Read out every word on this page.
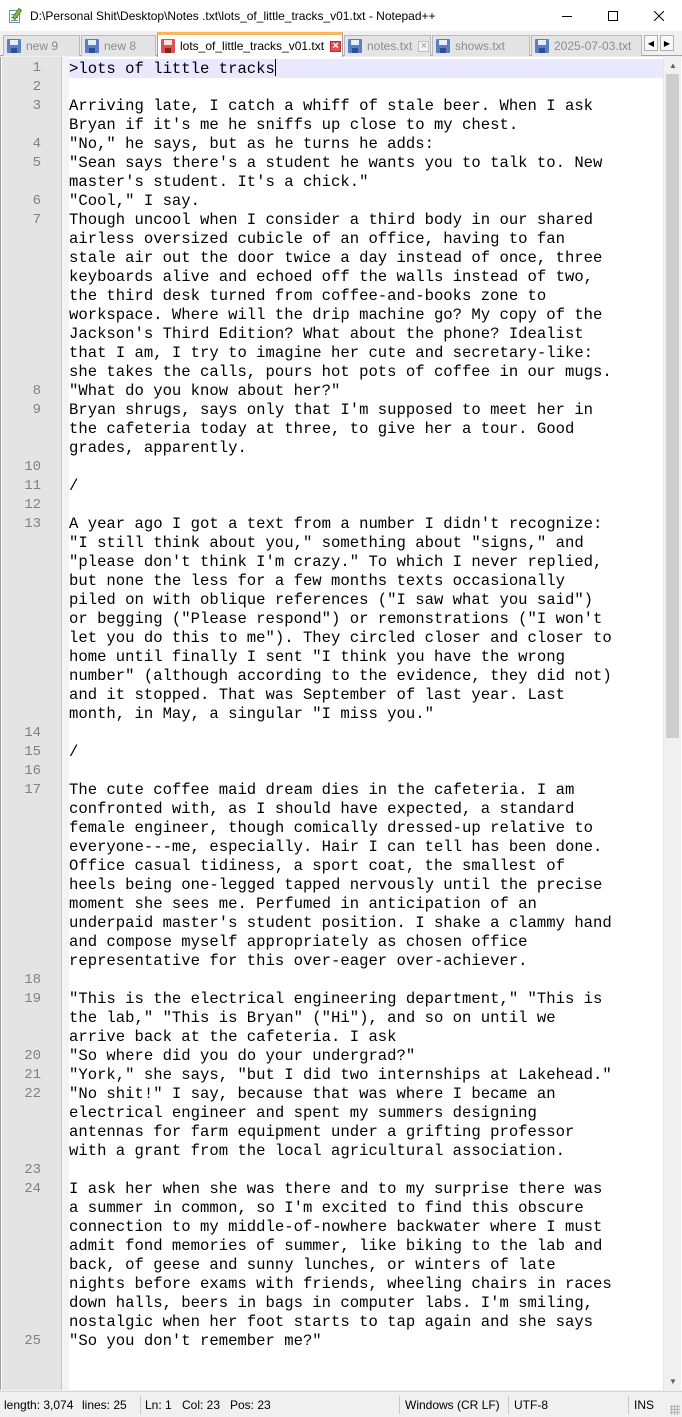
D:\Personal Shit\Desktop\Notes .txt\lots_of_little_tracks_v01.txt - Notepad++
new 9	new 8	lots_of_little_tracks_v01.txt × notes.txt × shows.txt	2025-07-03.txt ◀ ▶
1 >lots of little tracks
2
3 Arriving late, I catch a whiff of stale beer. When I ask
Bryan if it's me he sniffs up close to my chest.
4 "No," he says, but as he turns he adds:
5 "Sean says there's a student he wants you to talk to. New
master's student. It's a chick."
6 "Cool," I say.
7 Though uncool when I consider a third body in our shared
airless oversized cubicle of an office, having to fan
stale air out the door twice a day instead of once, three
keyboards alive and echoed off the walls instead of two,
the third desk turned from coffee-and-books zone to
workspace. Where will the drip machine go? My copy of the
Jackson's Third Edition? What about the phone? Idealist
that I am, I try to imagine her cute and secretary-like:
she takes the calls, pours hot pots of coffee in our mugs.
8 "What do you know about her?"
9 Bryan shrugs, says only that I'm supposed to meet her in
the cafeteria today at three, to give her a tour. Good
grades, apparently.
10
11 /
12
13 A year ago I got a text from a number I didn't recognize:
"I still think about you," something about "signs," and
"please don't think I'm crazy." To which I never replied,
but none the less for a few months texts occasionally
piled on with oblique references ("I saw what you said")
or begging ("Please respond") or remonstrations ("I won't
let you do this to me"). They circled closer and closer to
home until finally I sent "I think you have the wrong
number" (although according to the evidence, they did not)
and it stopped. That was September of last year. Last
month, in May, a singular "I miss you."
14
15 /
16
17 The cute coffee maid dream dies in the cafeteria. I am
confronted with, as I should have expected, a standard
female engineer, though comically dressed-up relative to
everyone---me, especially. Hair I can tell has been done.
Office casual tidiness, a sport coat, the smallest of
heels being one-legged tapped nervously until the precise
moment she sees me. Perfumed in anticipation of an
underpaid master's student position. I shake a clammy hand
and compose myself appropriately as chosen office
representative for this over-eager over-achiever.
18
19 "This is the electrical engineering department," "This is
the lab," "This is Bryan" ("Hi"), and so on until we
arrive back at the cafeteria. I ask
20 "So where did you do your undergrad?"
21 "York," she says, "but I did two internships at Lakehead."
22 "No shit!" I say, because that was where I became an
electrical engineer and spent my summers designing
antennas for farm equipment under a grifting professor
with a grant from the local agricultural association.
23
24 I ask her when she was there and to my surprise there was
a summer in common, so I'm excited to find this obscure
connection to my middle-of-nowhere backwater where I must
admit fond memories of summer, like biking to the lab and
back, of geese and sunny lunches, or winters of late
nights before exams with friends, wheeling chairs in races
down halls, beers in bags in computer labs. I'm smiling,
nostalgic when her foot starts to tap again and she says
25 "So you don't remember me?"
▲
▼
length: 3,074 lines: 25	Ln: 1 Col: 23 Pos: 23	Windows (CR LF)	UTF-8	INS
